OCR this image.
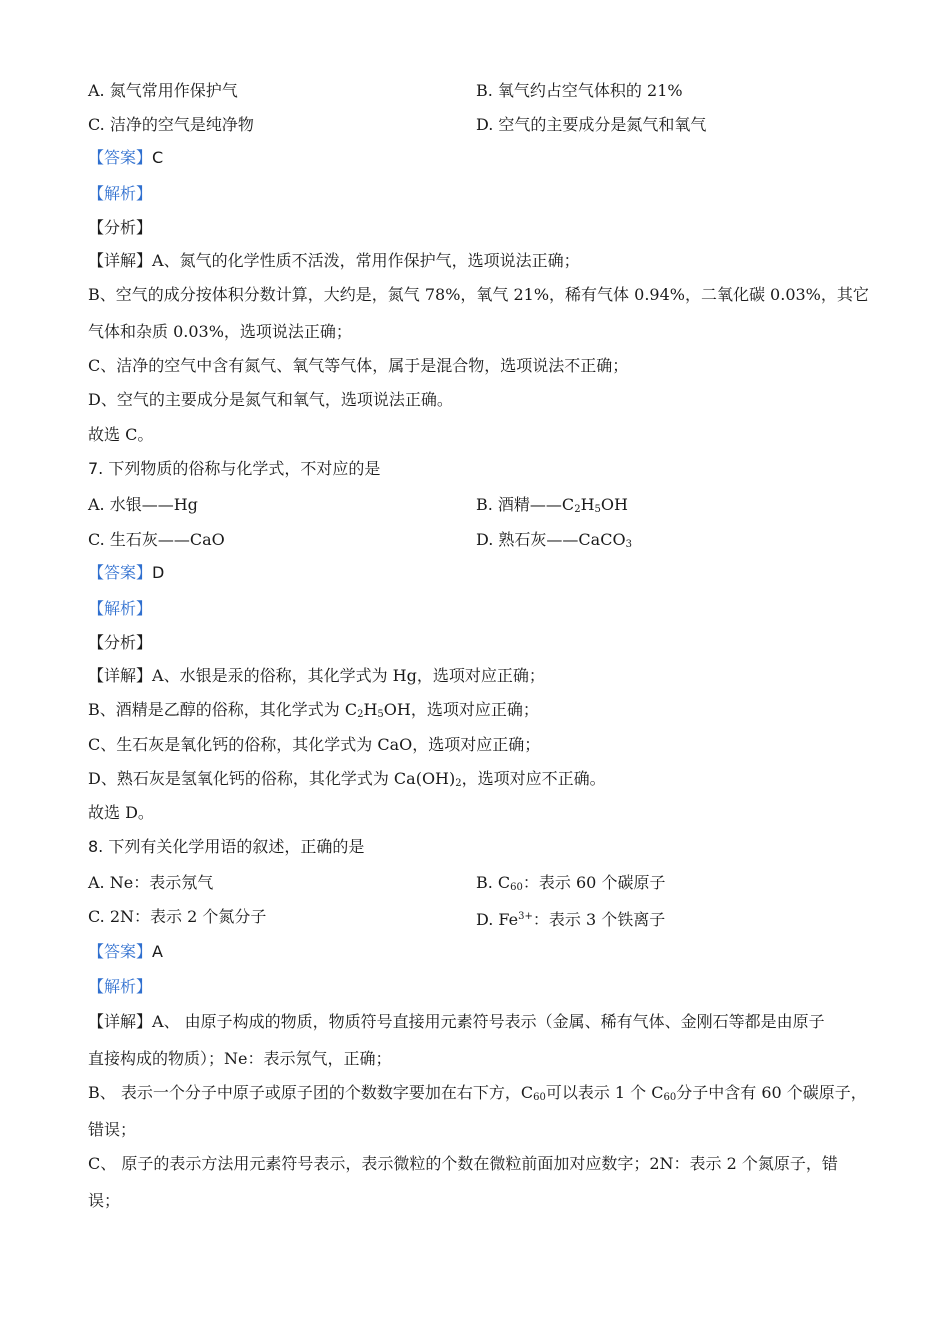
A. 氮气常用作保护气	B. 氧气约占空气体积的 21%
C. 洁净的空气是纯净物	D. 空气的主要成分是氮气和氧气
【答案】C
【解析】
【分析】
【详解】A、氮气的化学性质不活泼，常用作保护气，选项说法正确；
B、空气的成分按体积分数计算，大约是，氮气 78%，氧气 21%，稀有气体 0.94%，二氧化碳 0.03%，其它
气体和杂质 0.03%，选项说法正确；
C、洁净的空气中含有氮气、氧气等气体，属于是混合物，选项说法不正确；
D、空气的主要成分是氮气和氧气，选项说法正确。
故选 C。
7. 下列物质的俗称与化学式，不对应的是
A. 水银——Hg	B. 酒精$——C_2H_5OH$
C. 生石灰——CaO	D. 熟石灰——CaCO$_3$
【答案】D
【解析】
【分析】
【详解】A、水银是汞的俗称，其化学式为 Hg，选项对应正确；
B、酒精是乙醇的俗称，其化学式为 $C_2H_5OH$，选项对应正确；
C、生石灰是氧化钙的俗称，其化学式为 CaO，选项对应正确；
D、熟石灰是氢氧化钙的俗称，其化学式为 $Ca(OH)_2$，选项对应不正确。
故选 D。
8. 下列有关化学用语的叙述，正确的是
A. Ne：表示氖气	B. $C_{60}$：表示 60 个碳原子
C. 2N：表示 2 个氮分子	D. $Fe^{3+}$：表示 3 个铁离子
【答案】A
【解析】
【详解】A、 由原子构成的物质，物质符号直接用元素符号表示（金属、稀有气体、金刚石等都是由原子
直接构成的物质）；Ne：表示氖气，正确；
B、 表示一个分子中原子或原子团的个数数字要加在右下方，$C_{60}$可以表示 1 个 $C_{60}$分子中含有 60 个碳原子，
错误；
C、 原子的表示方法用元素符号表示，表示微粒的个数在微粒前面加对应数字；2N：表示 2 个氮原子，错
误；
